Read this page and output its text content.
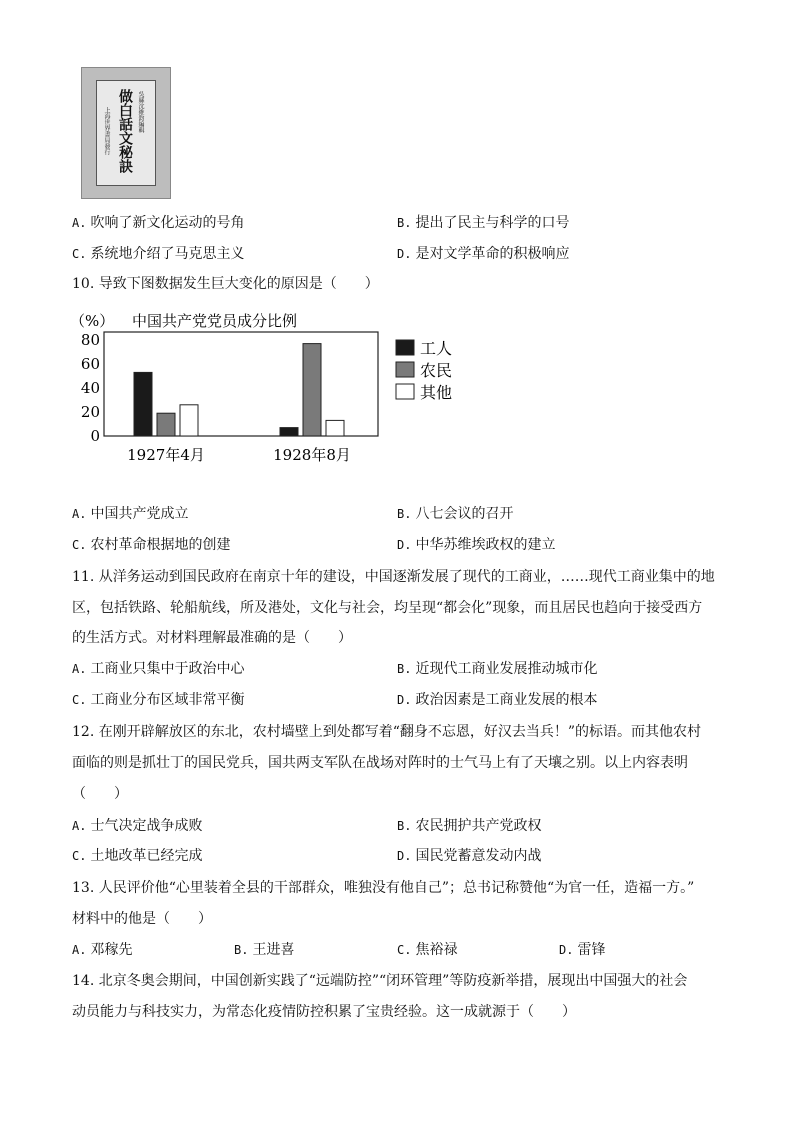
做白話文秘訣 吳縣沈維鈞編輯
上海世界書局發行
A. 吹响了新文化运动的号角	B. 提出了民主与科学的口号
C. 系统地介绍了马克思主义	D. 是对文学革命的积极响应
10. 导致下图数据发生巨大变化的原因是（　　）
（%） 中国共产党党员成分比例
0
20
40
60
80
1927年4月	1928年8月
工人
农民
其他
A. 中国共产党成立	B. 八七会议的召开
C. 农村革命根据地的创建	D. 中华苏维埃政权的建立
11. 从洋务运动到国民政府在南京十年的建设，中国逐渐发展了现代的工商业，……现代工商业集中的地
区，包括铁路、轮船航线，所及港处，文化与社会，均呈现“都会化”现象，而且居民也趋向于接受西方
的生活方式。对材料理解最准确的是（　　）
A. 工商业只集中于政治中心	B. 近现代工商业发展推动城市化
C. 工商业分布区域非常平衡	D. 政治因素是工商业发展的根本
12. 在刚开辟解放区的东北，农村墙壁上到处都写着“翻身不忘恩，好汉去当兵！”的标语。而其他农村
面临的则是抓壮丁的国民党兵，国共两支军队在战场对阵时的士气马上有了天壤之别。以上内容表明
（　　）
A. 士气决定战争成败	B. 农民拥护共产党政权
C. 土地改革已经完成	D. 国民党蓄意发动内战
13. 人民评价他“心里装着全县的干部群众，唯独没有他自己”；总书记称赞他“为官一任，造福一方。”
材料中的他是（　　）
A. 邓稼先	B. 王进喜	C. 焦裕禄	D. 雷锋
14. 北京冬奥会期间，中国创新实践了“远端防控”“闭环管理”等防疫新举措，展现出中国强大的社会
动员能力与科技实力，为常态化疫情防控积累了宝贵经验。这一成就源于（　　）
